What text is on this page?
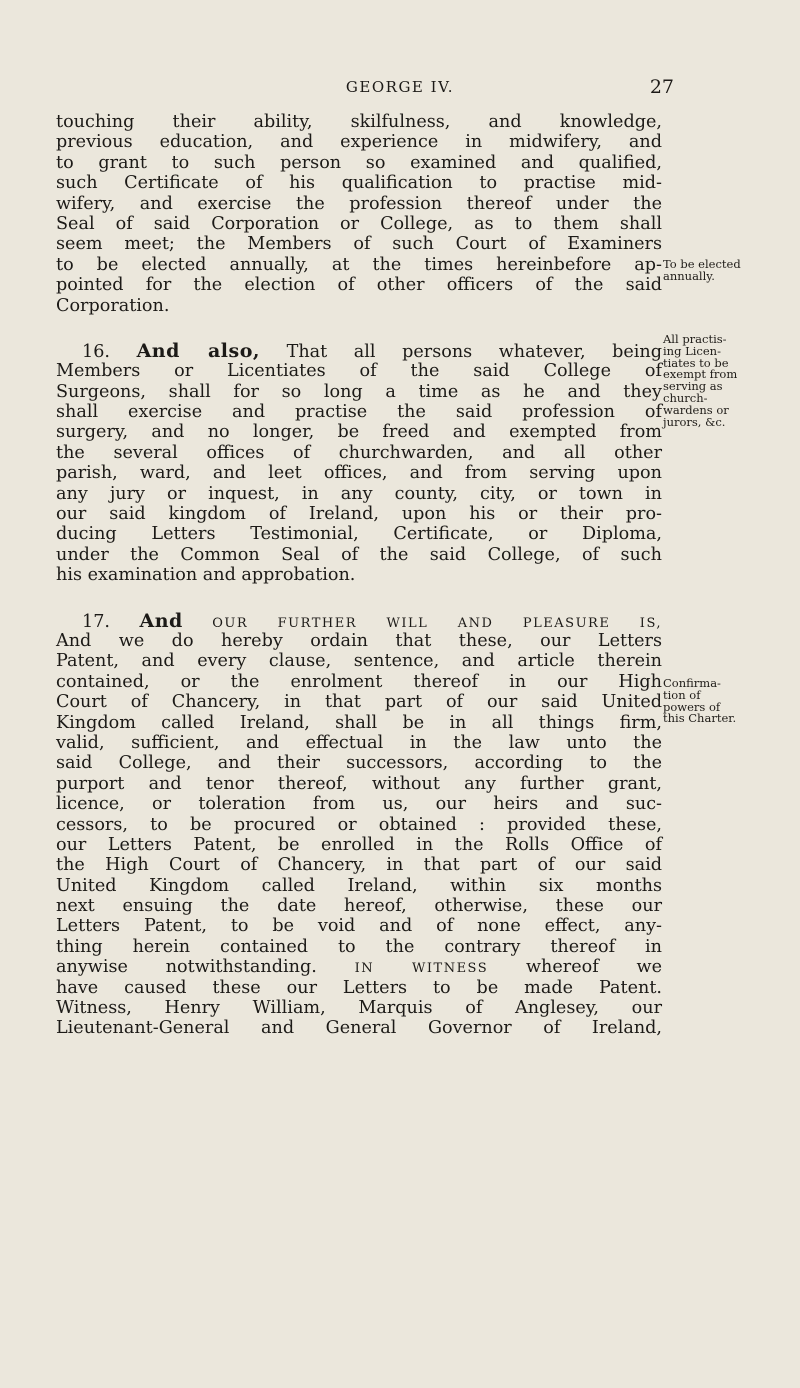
GEORGE IV.	27
touching their ability, skilfulness, and knowledge,
previous education, and experience in midwifery, and
to grant to such person so examined and qualified,
such Certificate of his qualification to practise mid-
wifery, and exercise the profession thereof under the
Seal of said Corporation or College, as to them shall
seem meet; the Members of such Court of Examiners
to be elected annually, at the times hereinbefore ap-
pointed for the election of other officers of the said
Corporation.
16. And also, That all persons whatever, being
Members or Licentiates of the said College of
Surgeons, shall for so long a time as he and they
shall exercise and practise the said profession of
surgery, and no longer, be freed and exempted from
the several offices of churchwarden, and all other
parish, ward, and leet offices, and from serving upon
any jury or inquest, in any county, city, or town in
our said kingdom of Ireland, upon his or their pro-
ducing Letters Testimonial, Certificate, or Diploma,
under the Common Seal of the said College, of such
his examination and approbation.
17. And OUR FURTHER WILL AND PLEASURE IS,
And we do hereby ordain that these, our Letters
Patent, and every clause, sentence, and article therein
contained, or the enrolment thereof in our High
Court of Chancery, in that part of our said United
Kingdom called Ireland, shall be in all things firm,
valid, sufficient, and effectual in the law unto the
said College, and their successors, according to the
purport and tenor thereof, without any further grant,
licence, or toleration from us, our heirs and suc-
cessors, to be procured or obtained : provided these,
our Letters Patent, be enrolled in the Rolls Office of
the High Court of Chancery, in that part of our said
United Kingdom called Ireland, within six months
next ensuing the date hereof, otherwise, these our
Letters Patent, to be void and of none effect, any-
thing herein contained to the contrary thereof in
anywise notwithstanding.	IN WITNESS whereof we
have caused these our Letters to be made Patent.
Witness, Henry William, Marquis of Anglesey, our
Lieutenant-General and General Governor of Ireland,
To be elected
annually.
All practis-
ing Licen-
tiates to be
exempt from
serving as
church-
wardens or
jurors, &c.
Confirma-
tion of
powers of
this Charter.
